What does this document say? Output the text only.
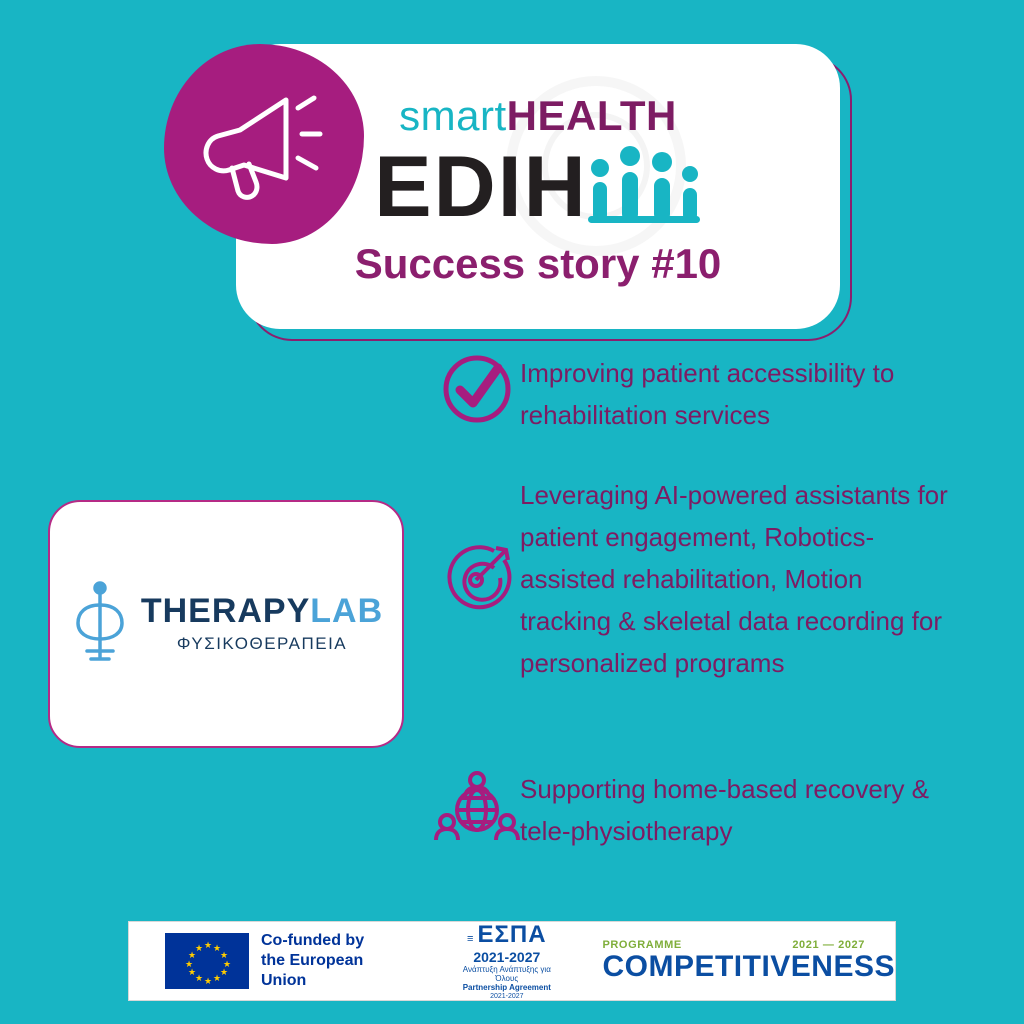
smartHEALTH
EDIH
Success story #10
Improving patient accessibility to rehabilitation services
Leveraging AI-powered assistants for patient engagement, Robotics-assisted rehabilitation, Motion tracking & skeletal data recording for personalized programs
Supporting home-based recovery & tele-physiotherapy
THERAPYLAB
ΦΥΣΙΚΟΘΕΡΑΠΕΙΑ
★
★ ★
★	★
★	★
★	★
★ ★
★
Co-funded by
the European Union
≡ ΕΣΠΑ
2021-2027
Ανάπτυξη Ανάπτυξης για Όλους
Partnership Agreement
2021-2027
PROGRAMME	2021 — 2027
COMPETITIVENESS
